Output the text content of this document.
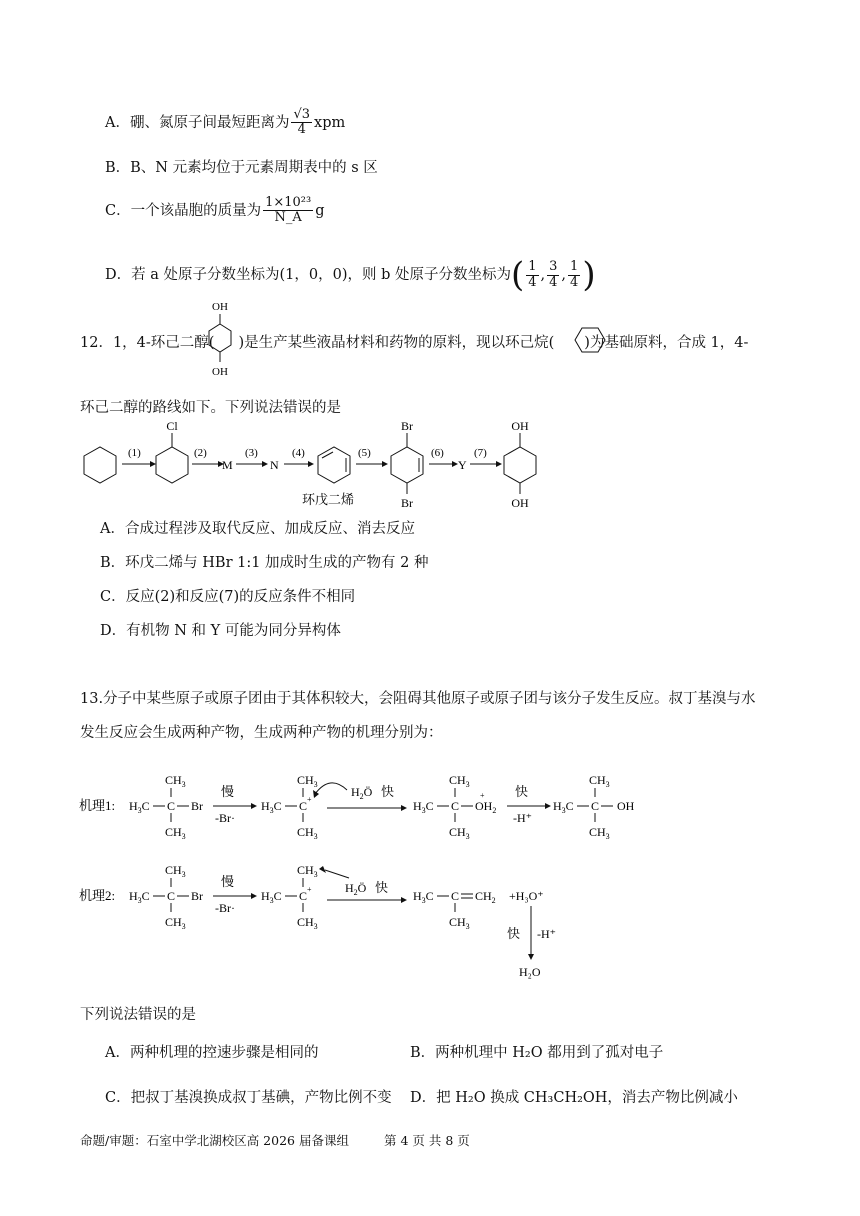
A．硼、氮原子间最短距离为 $\frac{√3}{4}$ xpm
B．B、N 元素均位于元素周期表中的 s 区
C．一个该晶胞的质量为 $\frac{\text{1×10²³}}{N\_A}$ g
D．若 a 处原子分数坐标为(1，0，0)，则 b 处原子分数坐标为( $\frac{1}{4}$ , $\frac{3}{4}$ , $\frac{1}{4}$ )
12．1，4-环己二醇( )是生产某些液晶材料和药物的原料，现以环己烷( )为基础原料，合成 1，4-
OH
OH
环己二醇的路线如下。下列说法错误的是
(1)
Cl
(2)
M
(3)
N
(4)
环戊二烯
(5)
Br
Br
(6)
Y
(7)
OH
OH
A．合成过程涉及取代反应、加成反应、消去反应
B．环戊二烯与 HBr 1:1 加成时生成的产物有 2 种
C．反应(2)和反应(7)的反应条件不相同
D．有机物 N 和 Y 可能为同分异构体
13.分子中某些原子或原子团由于其体积较大，会阻碍其他原子或原子团与该分子发生反应。叔丁基溴与水
发生反应会生成两种产物，生成两种产物的机理分别为：
机理1: $H_3C$ C
$CH_3$
$CH_3$
Br
慢
-Br·
$H_3C$ C +
$CH_3$
$CH_3$
$H_2Ö$ 快
$H_3C$ C
$CH_3$
$CH_3$
$OH_2$
+ 快
-H⁺
$H_3C$ C
$CH_3$
$CH_3$
OH
机理2: $H_3C$ C
$CH_3$
$CH_3$
Br
慢
-Br·
$H_3C$ C +
$CH_3$
$CH_3$
$H_2Ö$ 快
$H_3C$ C $CH_2$
$CH_3$
+H₃O⁺
快 -H⁺
H₂O
下列说法错误的是
A．两种机理的控速步骤是相同的	B．两种机理中 H₂O 都用到了孤对电子
C．把叔丁基溴换成叔丁基碘，产物比例不变 D．把 H₂O 换成 CH₃CH₂OH，消去产物比例减小
命题/审题：石室中学北湖校区高 2026 届备课组	第 4 页 共 8 页
